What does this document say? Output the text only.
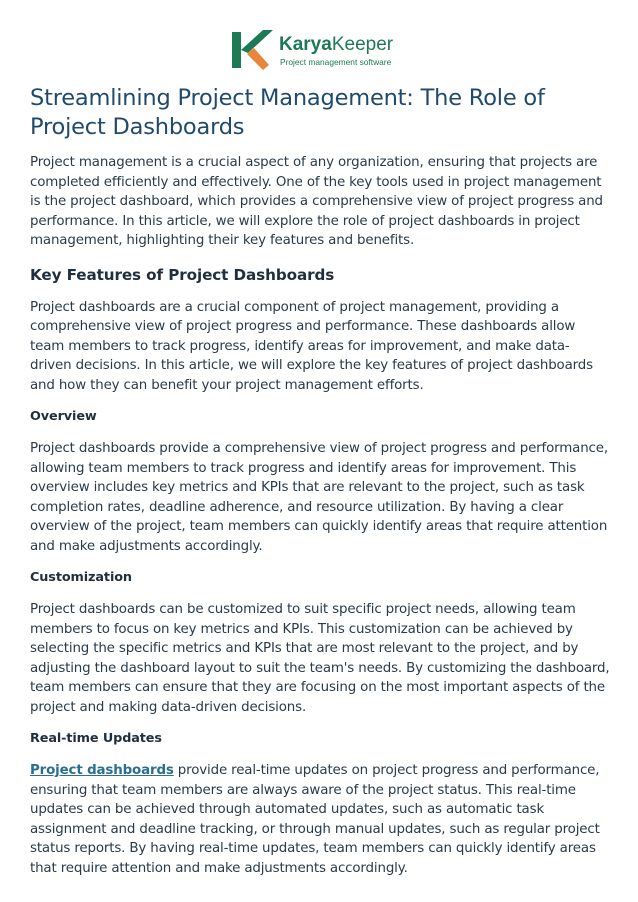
KaryaKeeper
Project management software
Streamlining Project Management: The Role of Project Dashboards

Project management is a crucial aspect of any organization, ensuring that projects are completed efficiently and effectively. One of the key tools used in project management is the project dashboard, which provides a comprehensive view of project progress and performance. In this article, we will explore the role of project dashboards in project management, highlighting their key features and benefits.

Key Features of Project Dashboards

Project dashboards are a crucial component of project management, providing a comprehensive view of project progress and performance. These dashboards allow team members to track progress, identify areas for improvement, and make data-driven decisions. In this article, we will explore the key features of project dashboards and how they can benefit your project management efforts.

Overview

Project dashboards provide a comprehensive view of project progress and performance, allowing team members to track progress and identify areas for improvement. This overview includes key metrics and KPIs that are relevant to the project, such as task completion rates, deadline adherence, and resource utilization. By having a clear overview of the project, team members can quickly identify areas that require attention and make adjustments accordingly.

Customization

Project dashboards can be customized to suit specific project needs, allowing team members to focus on key metrics and KPIs. This customization can be achieved by selecting the specific metrics and KPIs that are most relevant to the project, and by adjusting the dashboard layout to suit the team's needs. By customizing the dashboard, team members can ensure that they are focusing on the most important aspects of the project and making data-driven decisions.

Real-time Updates

Project dashboards provide real-time updates on project progress and performance, ensuring that team members are always aware of the project status. This real-time updates can be achieved through automated updates, such as automatic task assignment and deadline tracking, or through manual updates, such as regular project status reports. By having real-time updates, team members can quickly identify areas that require attention and make adjustments accordingly.
